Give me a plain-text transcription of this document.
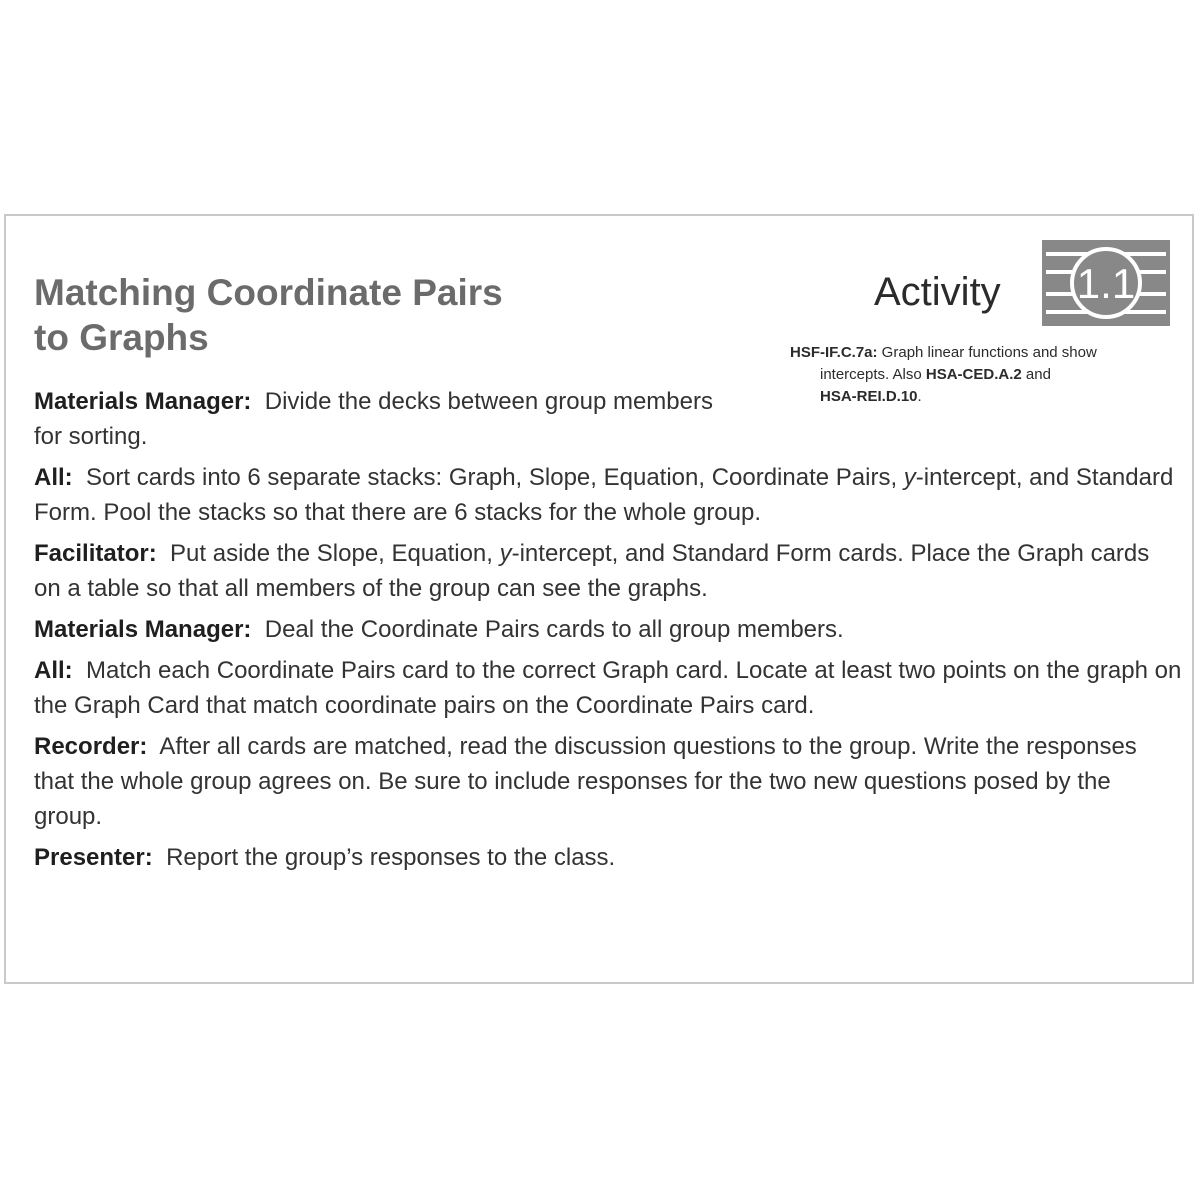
Matching Coordinate Pairs
to Graphs
Activity 1.1
HSF-IF.C.7a: Graph linear functions and show
intercepts. Also HSA-CED.A.2 and
HSA-REI.D.10.

Materials Manager: Divide the decks between group members for sorting.

All: Sort cards into 6 separate stacks: Graph, Slope, Equation, Coordinate Pairs, y-intercept, and Standard Form. Pool the stacks so that there are 6 stacks for the whole group.

Facilitator: Put aside the Slope, Equation, y-intercept, and Standard Form cards. Place the Graph cards on a table so that all members of the group can see the graphs.

Materials Manager: Deal the Coordinate Pairs cards to all group members.

All: Match each Coordinate Pairs card to the correct Graph card. Locate at least two points on the graph on the Graph Card that match coordinate pairs on the Coordinate Pairs card.

Recorder: After all cards are matched, read the discussion questions to the group. Write the responses that the whole group agrees on. Be sure to include responses for the two new questions posed by the group.

Presenter: Report the group’s responses to the class.
